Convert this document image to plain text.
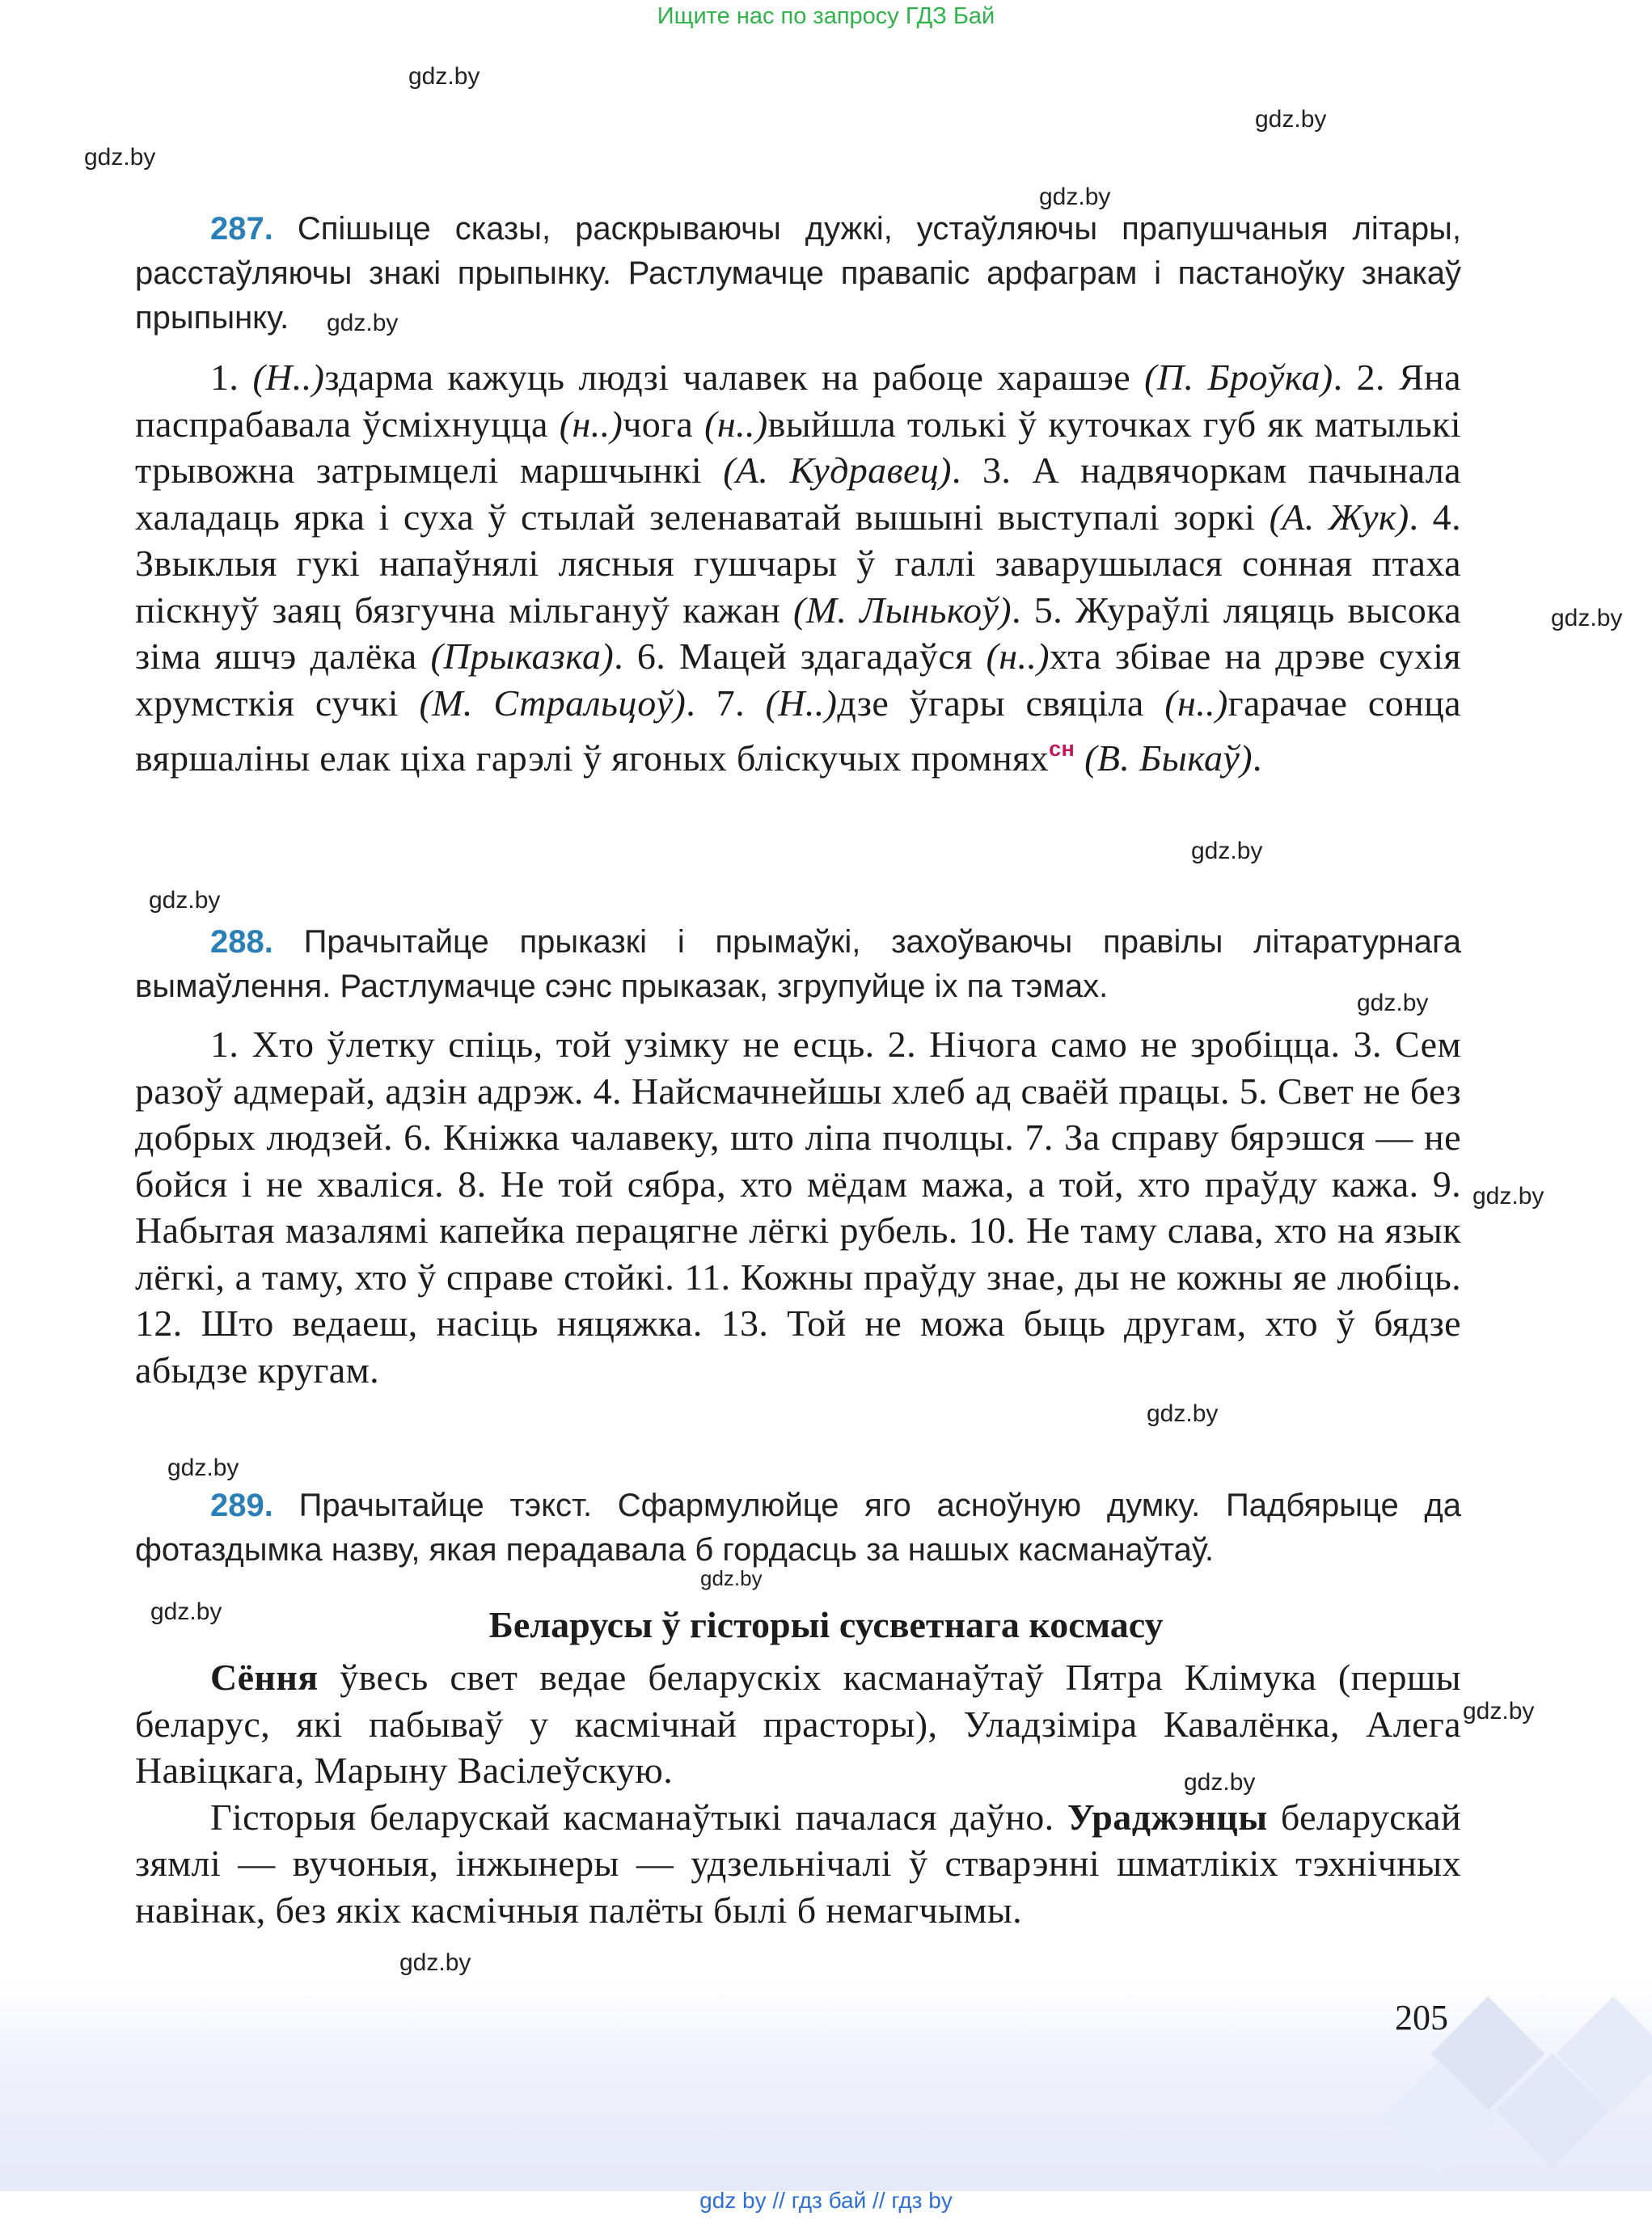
Ищите нас по запросу ГДЗ Бай
gdz.by
gdz.by
gdz.by
gdz.by
gdz.by
gdz.by
gdz.by
gdz.by
gdz.by
gdz.by
gdz.by
gdz.by
gdz.by
gdz.by
gdz.by
gdz.by
gdz.by

287. Спішыце сказы, раскрываючы дужкі, устаўляючы прапушчаныя літары, расстаўляючы знакі прыпынку. Растлумачце правапіс арфаграм і пастаноўку знакаў прыпынку.

1. (Н..)здарма кажуць людзі чалавек на рабоце харашэе (П. Броўка). 2. Яна паспрабавала ўсміхнуцца (н..)чога (н..)выйшла толькі ў куточках губ як матылькі трывожна затрымцелі маршчынкі (А. Кудравец). 3. А надвячоркам пачынала халадаць ярка і суха ў стылай зеленаватай вышыні выступалі зоркі (А. Жук). 4. Звыклыя гукі напаўнялі лясныя гушчары ў галлі заварушылася сонная птаха піскнуў заяц бязгучна мільгануў кажан (М. Лынькоў). 5. Жураўлі ляцяць высока зіма яшчэ далёка (Прыказка). 6. Мацей здагадаўся (н..)хта збівае на дрэве сухія хрумсткія сучкі (М. Стральцоў). 7. (Н..)дзе ўгары свяціла (н..)гарачае сонца вяршаліны елак ціха гарэлі ў ягоных бліскучых промнях$^{сн}$ (В. Быкаў).

288. Прачытайце прыказкі і прымаўкі, захоўваючы правілы літаратурнага вымаўлення. Растлумачце сэнс прыказак, згрупуйце іх па тэмах.

1. Хто ўлетку спіць, той узімку не есць. 2. Нічога само не зробіцца. 3. Сем разоў адмерай, адзін адрэж. 4. Найсмачнейшы хлеб ад сваёй працы. 5. Свет не без добрых людзей. 6. Кніжка чалавеку, што ліпа пчолцы. 7. За справу бярэшся — не бойся і не хваліся. 8. Не той сябра, хто мёдам мажа, а той, хто праўду кажа. 9. Набытая мазалямі капейка перацягне лёгкі рубель. 10. Не таму слава, хто на язык лёгкі, а таму, хто ў справе стойкі. 11. Кожны праўду знае, ды не кожны яе любіць. 12. Што ведаеш, насіць няцяжка. 13. Той не можа быць другам, хто ў бядзе абыдзе кругам.

289. Прачытайце тэкст. Сфармулюйце яго асноўную думку. Падбярыце да фотаздымка назву, якая перадавала б гордасць за нашых касманаўтаў.

Беларусы ў гісторыі сусветнага космасу

Сёння ўвесь свет ведае беларускіх касманаўтаў Пятра Клімука (першы беларус, які пабываў у касмічнай прасторы), Уладзіміра Кавалёнка, Алега Навіцкага, Марыну Васілеўскую.

Гісторыя беларускай касманаўтыкі пачалася даўно. Ураджэнцы беларускай зямлі — вучоныя, інжынеры — удзельнічалі ў стварэнні шматлікіх тэхнічных навінак, без якіх касмічныя палёты былі б немагчымы.

205
gdz by // гдз бай // гдз by
